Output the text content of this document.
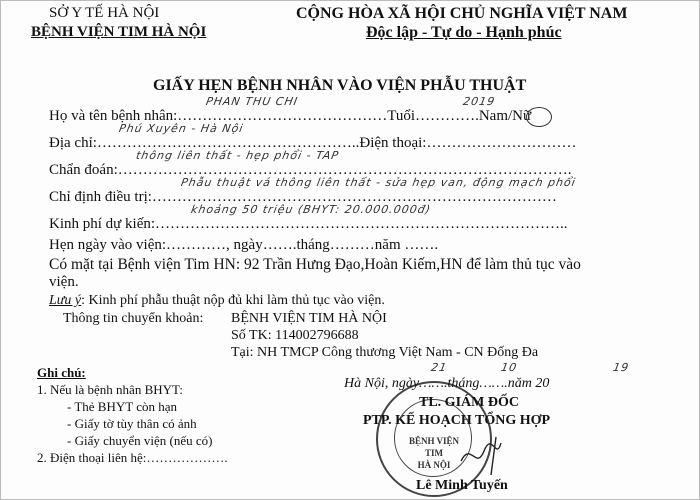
SỞ Y TẾ HÀ NỘI
BỆNH VIỆN TIM HÀ NỘI
CỘNG HÒA XÃ HỘI CHỦ NGHĨA VIỆT NAM
Độc lập - Tự do - Hạnh phúc
GIẤY HẸN BỆNH NHÂN VÀO VIỆN PHẪU THUẬT
PHAN THU CHI	2019
Họ và tên bệnh nhân:……………………………………Tuổi………….Nam/Nữ
Phú Xuyên - Hà Nội
Địa chỉ:……………………………………………..Điện thoại:…………………………
thông liên thất - hẹp phổi - TAP
Chẩn đoán:……………………………………………………………………………….
Phẫu thuật vá thông liên thất - sửa hẹp van, động mạch phổi
Chỉ định điều trị:………………………………………………………………………
khoảng 50 triệu (BHYT: 20.000.000đ)
Kinh phí dự kiến:………………………………………………………………………..
Hẹn ngày vào viện:…………, ngày…….tháng………năm …….
Có mặt tại Bệnh viện Tim HN: 92 Trần Hưng Đạo,Hoàn Kiếm,HN để làm thủ tục vào
viện.
Lưu ý: Kinh phí phẫu thuật nộp đủ khi làm thủ tục vào viện.
Thông tin chuyển khoản: BỆNH VIỆN TIM HÀ NỘI
Số TK: 114002796688
Tại: NH TMCP Công thương Việt Nam - CN Đống Đa
Ghi chú:
1. Nếu là bệnh nhân BHYT:
- Thẻ BHYT còn hạn
- Giấy tờ tùy thân có ảnh
- Giấy chuyển viện (nếu có)
2. Điện thoại liên hệ:……………….
BỆNH VIỆN
TIM
HÀ NỘI
21	10	19
Hà Nội, ngày…….tháng…….năm 20
TL. GIÁM ĐỐC
PTP. KẾ HOẠCH TỔNG HỢP
Lê Minh Tuyến
